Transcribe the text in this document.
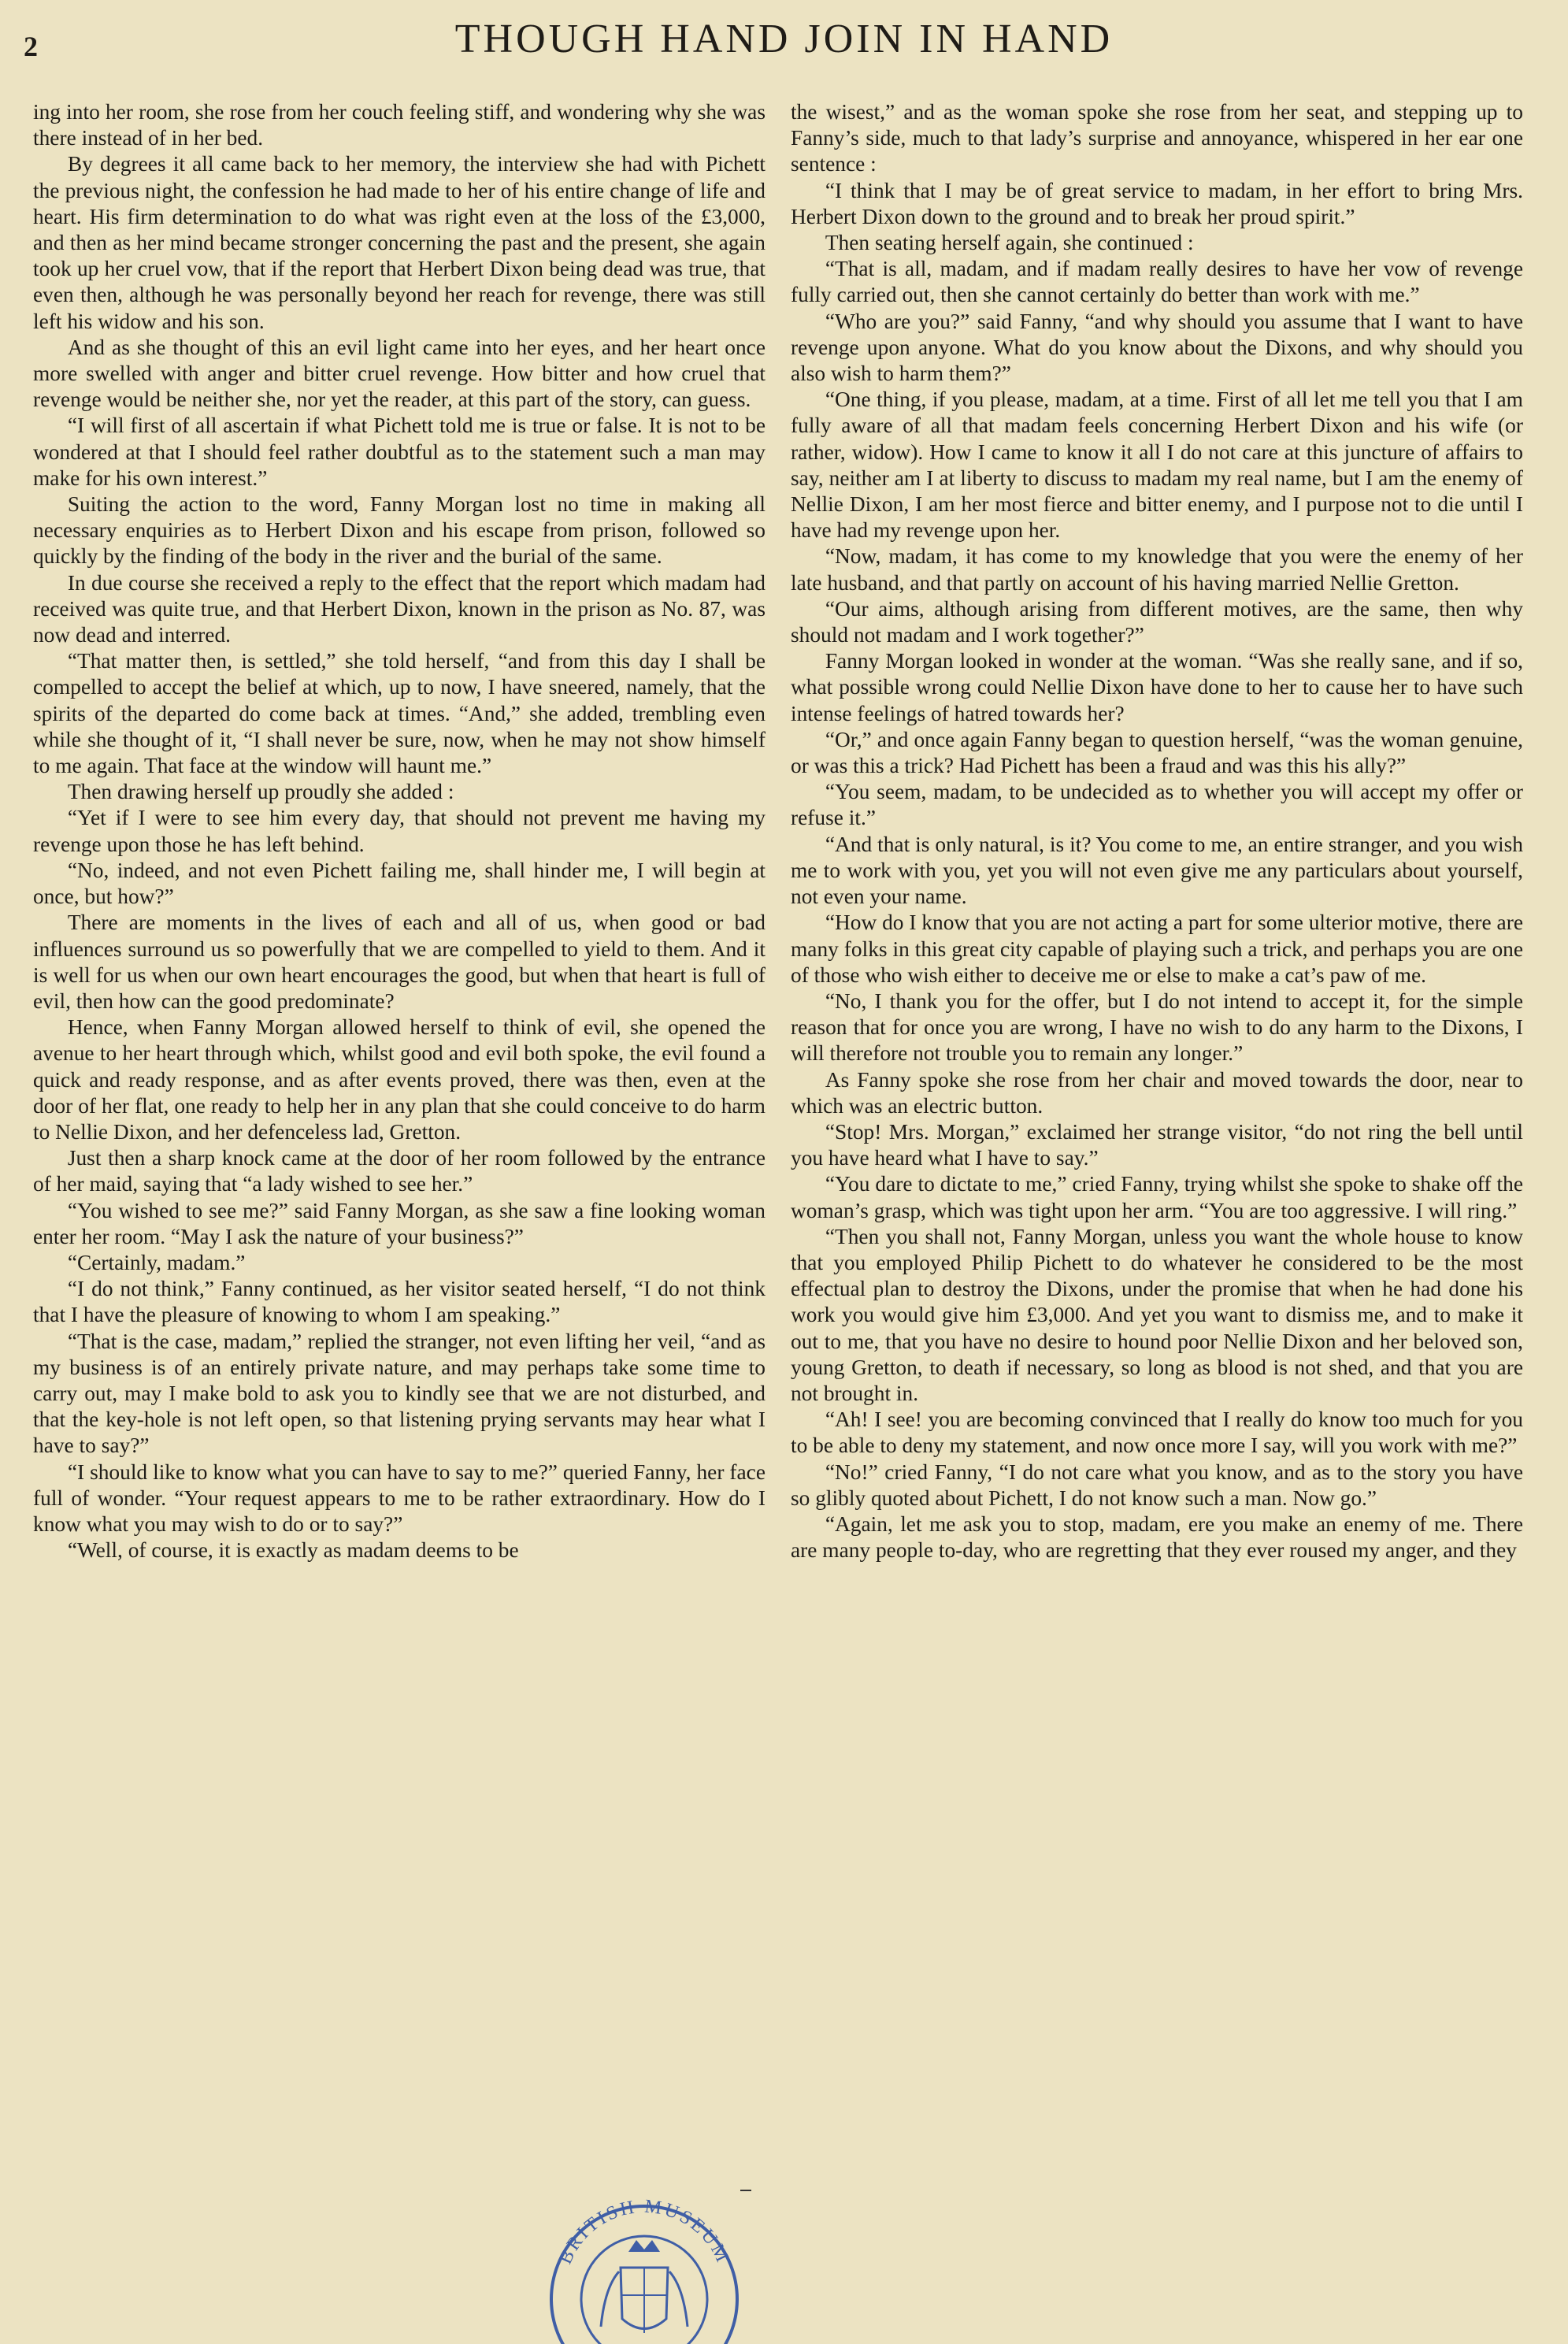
2	THOUGH HAND JOIN IN HAND

ing into her room, she rose from her couch feeling stiff, and wondering why she was there instead of in her bed.

By degrees it all came back to her memory, the interview she had with Pichett the previous night, the confession he had made to her of his entire change of life and heart. His firm determination to do what was right even at the loss of the £3,000, and then as her mind became stronger concerning the past and the present, she again took up her cruel vow, that if the report that Herbert Dixon being dead was true, that even then, although he was personally beyond her reach for revenge, there was still left his widow and his son.

And as she thought of this an evil light came into her eyes, and her heart once more swelled with anger and bitter cruel revenge. How bitter and how cruel that revenge would be neither she, nor yet the reader, at this part of the story, can guess.

“I will first of all ascertain if what Pichett told me is true or false. It is not to be wondered at that I should feel rather doubtful as to the statement such a man may make for his own interest.”

Suiting the action to the word, Fanny Morgan lost no time in making all necessary enquiries as to Herbert Dixon and his escape from prison, followed so quickly by the finding of the body in the river and the burial of the same.

In due course she received a reply to the effect that the report which madam had received was quite true, and that Herbert Dixon, known in the prison as No. 87, was now dead and interred.

“That matter then, is settled,” she told herself, “and from this day I shall be compelled to accept the belief at which, up to now, I have sneered, namely, that the spirits of the departed do come back at times. “And,” she added, trembling even while she thought of it, “I shall never be sure, now, when he may not show himself to me again. That face at the window will haunt me.”

Then drawing herself up proudly she added :

“Yet if I were to see him every day, that should not prevent me having my revenge upon those he has left behind.

“No, indeed, and not even Pichett failing me, shall hinder me, I will begin at once, but how?”

There are moments in the lives of each and all of us, when good or bad influences surround us so powerfully that we are compelled to yield to them. And it is well for us when our own heart encourages the good, but when that heart is full of evil, then how can the good predominate?

Hence, when Fanny Morgan allowed herself to think of evil, she opened the avenue to her heart through which, whilst good and evil both spoke, the evil found a quick and ready response, and as after events proved, there was then, even at the door of her flat, one ready to help her in any plan that she could conceive to do harm to Nellie Dixon, and her defenceless lad, Gretton.

Just then a sharp knock came at the door of her room followed by the entrance of her maid, saying that “a lady wished to see her.”

“You wished to see me?” said Fanny Morgan, as she saw a fine looking woman enter her room. “May I ask the nature of your business?”

“Certainly, madam.”

“I do not think,” Fanny continued, as her visitor seated herself, “I do not think that I have the pleasure of knowing to whom I am speaking.”

“That is the case, madam,” replied the stranger, not even lifting her veil, “and as my business is of an entirely private nature, and may perhaps take some time to carry out, may I make bold to ask you to kindly see that we are not disturbed, and that the key-hole is not left open, so that listening prying servants may hear what I have to say?”

“I should like to know what you can have to say to me?” queried Fanny, her face full of wonder. “Your request appears to me to be rather extraordinary. How do I know what you may wish to do or to say?”

“Well, of course, it is exactly as madam deems to be

the wisest,” and as the woman spoke she rose from her seat, and stepping up to Fanny’s side, much to that lady’s surprise and annoyance, whispered in her ear one sentence :

“I think that I may be of great service to madam, in her effort to bring Mrs. Herbert Dixon down to the ground and to break her proud spirit.”

Then seating herself again, she continued :

“That is all, madam, and if madam really desires to have her vow of revenge fully carried out, then she cannot certainly do better than work with me.”

“Who are you?” said Fanny, “and why should you assume that I want to have revenge upon anyone. What do you know about the Dixons, and why should you also wish to harm them?”

“One thing, if you please, madam, at a time. First of all let me tell you that I am fully aware of all that madam feels concerning Herbert Dixon and his wife (or rather, widow). How I came to know it all I do not care at this juncture of affairs to say, neither am I at liberty to discuss to madam my real name, but I am the enemy of Nellie Dixon, I am her most fierce and bitter enemy, and I purpose not to die until I have had my revenge upon her.

“Now, madam, it has come to my knowledge that you were the enemy of her late husband, and that partly on account of his having married Nellie Gretton.

“Our aims, although arising from different motives, are the same, then why should not madam and I work together?”

Fanny Morgan looked in wonder at the woman. “Was she really sane, and if so, what possible wrong could Nellie Dixon have done to her to cause her to have such intense feelings of hatred towards her?

“Or,” and once again Fanny began to question herself, “was the woman genuine, or was this a trick? Had Pichett has been a fraud and was this his ally?”

“You seem, madam, to be undecided as to whether you will accept my offer or refuse it.”

“And that is only natural, is it? You come to me, an entire stranger, and you wish me to work with you, yet you will not even give me any particulars about yourself, not even your name.

“How do I know that you are not acting a part for some ulterior motive, there are many folks in this great city capable of playing such a trick, and perhaps you are one of those who wish either to deceive me or else to make a cat’s paw of me.

“No, I thank you for the offer, but I do not intend to accept it, for the simple reason that for once you are wrong, I have no wish to do any harm to the Dixons, I will therefore not trouble you to remain any longer.”

As Fanny spoke she rose from her chair and moved towards the door, near to which was an electric button.

“Stop! Mrs. Morgan,” exclaimed her strange visitor, “do not ring the bell until you have heard what I have to say.”

“You dare to dictate to me,” cried Fanny, trying whilst she spoke to shake off the woman’s grasp, which was tight upon her arm. “You are too aggressive. I will ring.”

“Then you shall not, Fanny Morgan, unless you want the whole house to know that you employed Philip Pichett to do whatever he considered to be the most effectual plan to destroy the Dixons, under the promise that when he had done his work you would give him £3,000. And yet you want to dismiss me, and to make it out to me, that you have no desire to hound poor Nellie Dixon and her beloved son, young Gretton, to death if necessary, so long as blood is not shed, and that you are not brought in.

“Ah! I see! you are becoming convinced that I really do know too much for you to be able to deny my statement, and now once more I say, will you work with me?”

“No!” cried Fanny, “I do not care what you know, and as to the story you have so glibly quoted about Pichett, I do not know such a man. Now go.”

“Again, let me ask you to stop, madam, ere you make an enemy of me. There are many people to-day, who are regretting that they ever roused my anger, and they

BRITISH MUSEUM
